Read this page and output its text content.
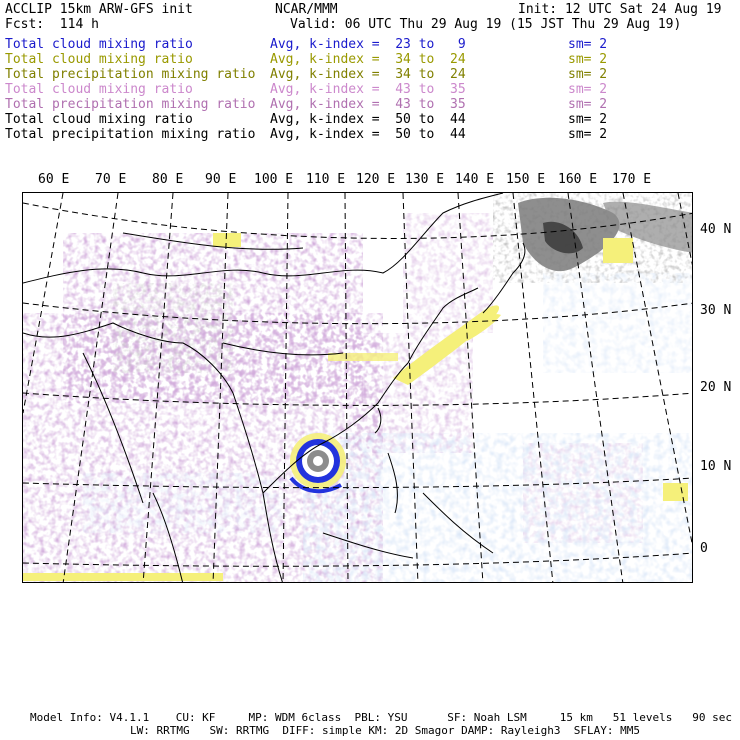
ACCLIP 15km ARW-GFS init	NCAR/MMM	Init: 12 UTC Sat 24 Aug 19
Fcst:  114 h	Valid: 06 UTC Thu 29 Aug 19 (15 JST Thu 29 Aug 19)
Total cloud mixing ratio	Avg, k-index =  23 to   9	sm= 2
Total cloud mixing ratio	Avg, k-index =  34 to  24	sm= 2
Total precipitation mixing ratio Avg, k-index =  34 to  24	sm= 2
Total cloud mixing ratio	Avg, k-index =  43 to  35	sm= 2
Total precipitation mixing ratio Avg, k-index =  43 to  35	sm= 2
Total cloud mixing ratio	Avg, k-index =  50 to  44	sm= 2
Total precipitation mixing ratio Avg, k-index =  50 to  44	sm= 2
60 E 70 E 80 E 90 E 100 E 110 E 120 E 130 E 140 E 150 E 160 E 170 E
40 N
30 N
20 N
10 N
0
Model Info: V4.1.1    CU: KF     MP: WDM 6class  PBL: YSU      SF: Noah LSM     15 km   51 levels   90 sec
LW: RRTMG   SW: RRTMG  DIFF: simple KM: 2D Smagor DAMP: Rayleigh3  SFLAY: MM5
